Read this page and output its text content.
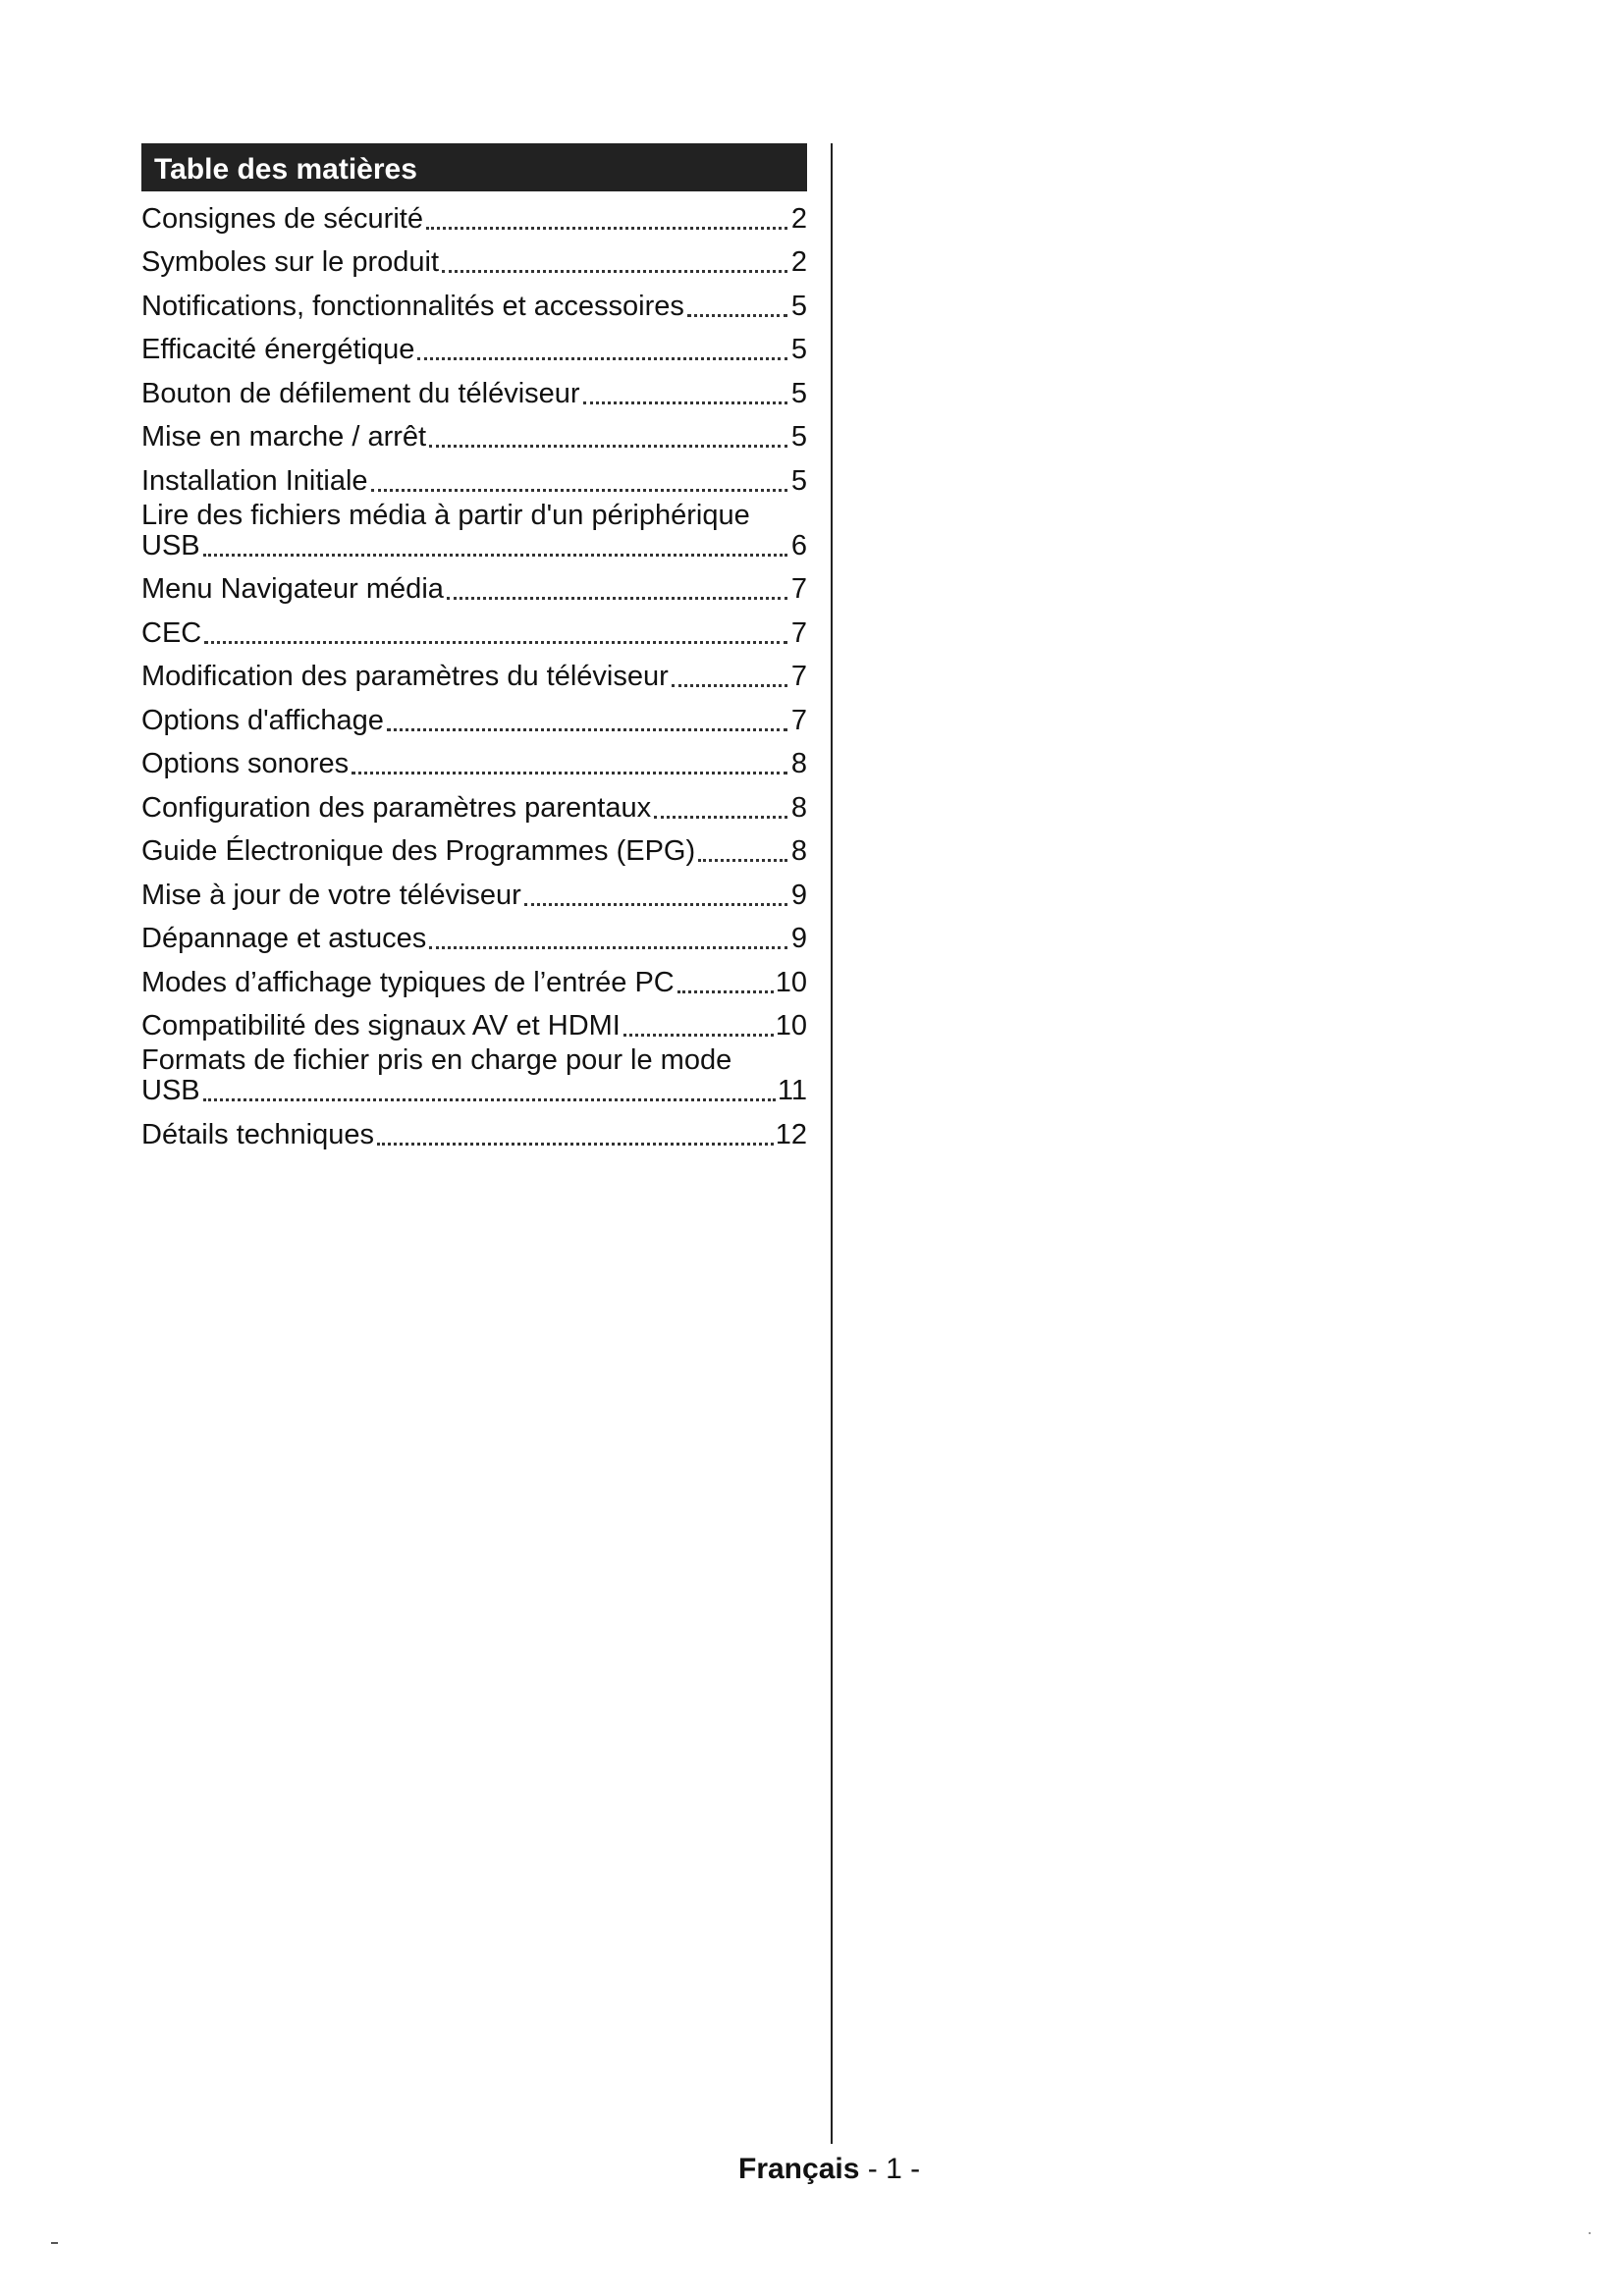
Table des matières
Consignes de sécurité	2
Symboles sur le produit	2
Notifications, fonctionnalités et accessoires	5
Efficacité énergétique	5
Bouton de défilement du téléviseur	5
Mise en marche / arrêt	5
Installation Initiale	5
Lire des fichiers média à partir d'un périphérique
USB	6
Menu Navigateur média	7
CEC	7
Modification des paramètres du téléviseur	7
Options d'affichage	7
Options sonores	8
Configuration des paramètres parentaux	8
Guide Électronique des Programmes (EPG)	8
Mise à jour de votre téléviseur	9
Dépannage et astuces	9
Modes d’affichage typiques de l’entrée PC	10
Compatibilité des signaux AV et HDMI	10
Formats de fichier pris en charge pour le mode
USB	11
Détails techniques	12
Français - 1 -
